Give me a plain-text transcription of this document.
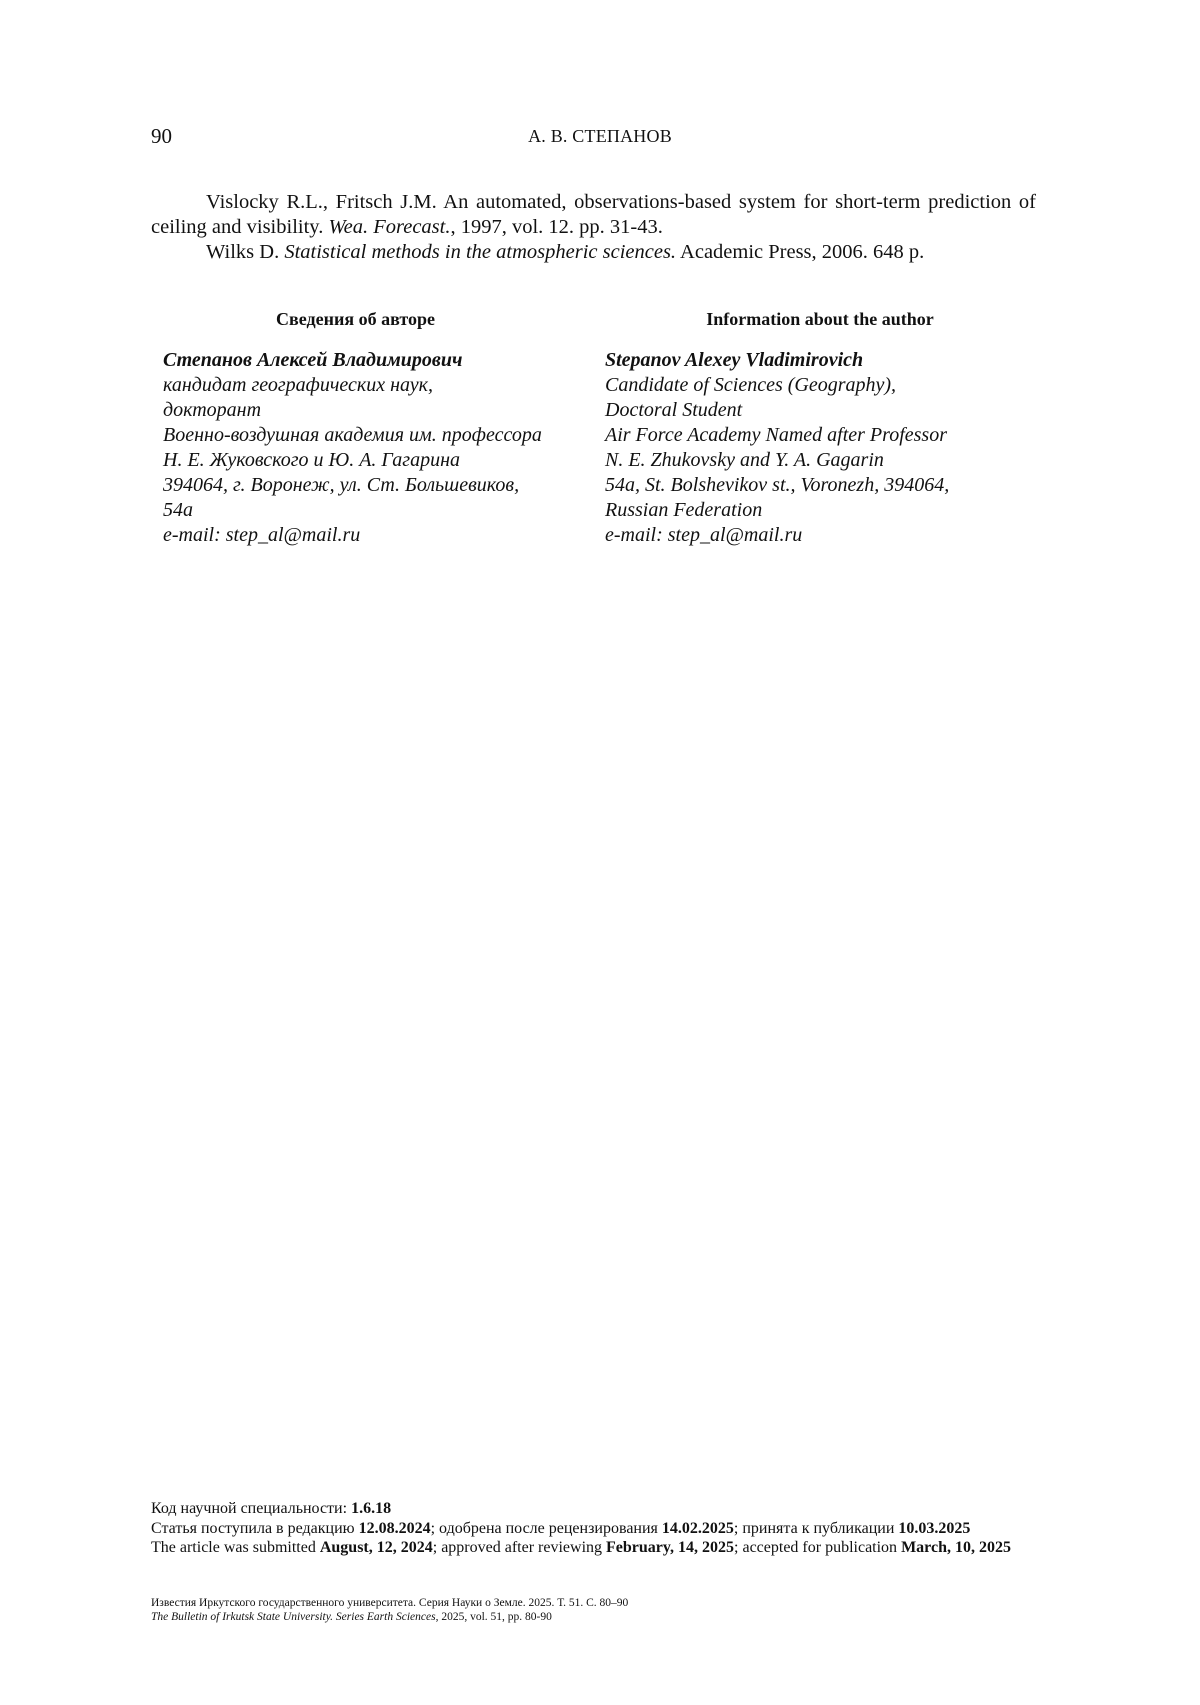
90	А. В. СТЕПАНОВ

Vislocky R.L., Fritsch J.M. An automated, observations-based system for short-term prediction of ceiling and visibility. Wea. Forecast., 1997, vol. 12. pp. 31-43.

Wilks D. Statistical methods in the atmospheric sciences. Academic Press, 2006. 648 p.

Сведения об авторе
Степанов Алексей Владимирович
кандидат географических наук,
докторант
Военно-воздушная академия им. профессора
Н. Е. Жуковского и Ю. А. Гагарина
394064, г. Воронеж, ул. Ст. Большевиков,
54а
e-mail: step_al@mail.ru
Information about the author
Stepanov Alexey Vladimirovich
Candidate of Sciences (Geography),
Doctoral Student
Air Force Academy Named after Professor
N. E. Zhukovsky and Y. A. Gagarin
54a, St. Bolshevikov st., Voronezh, 394064,
Russian Federation
e-mail: step_al@mail.ru

Код научной специальности: 1.6.18

Статья поступила в редакцию 12.08.2024; одобрена после рецензирования 14.02.2025; принята к публикации 10.03.2025

The article was submitted August, 12, 2024; approved after reviewing February, 14, 2025; accepted for publication March, 10, 2025

Известия Иркутского государственного университета. Серия Науки о Земле. 2025. Т. 51. С. 80–90

The Bulletin of Irkutsk State University. Series Earth Sciences, 2025, vol. 51, pp. 80-90
